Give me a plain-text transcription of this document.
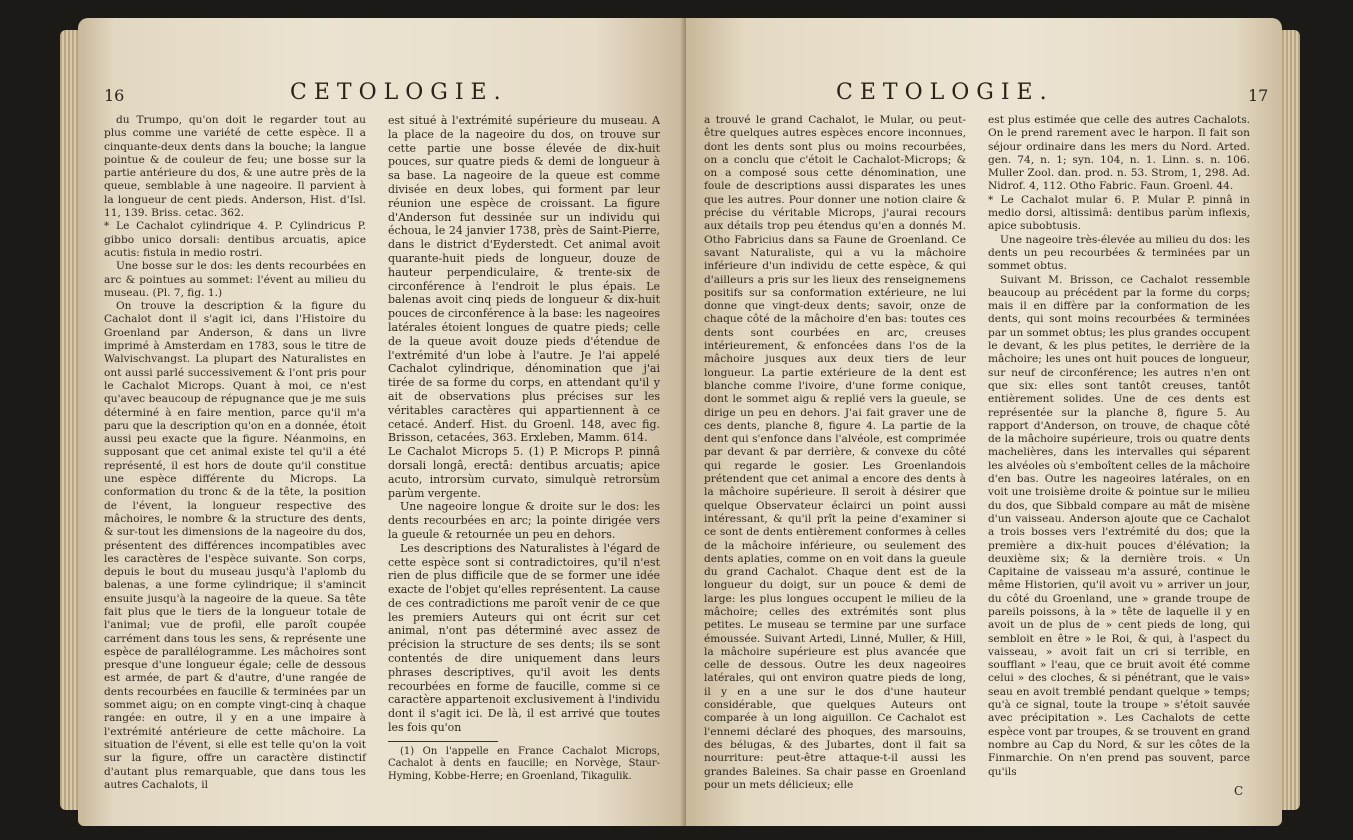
16	CETOLOGIE.

du Trumpo, qu'on doit le regarder tout au plus comme une variété de cette espèce. Il a cinquante-deux dents dans la bouche; la langue pointue & de couleur de feu; une bosse sur la partie antérieure du dos, & une autre près de la queue, semblable à une nageoire. Il parvient à la longueur de cent pieds. Anderson, Hist. d'Isl. 11, 139. Briss. cetac. 362.

* Le Cachalot cylindrique 4. P. Cylindricus P. gibbo unico dorsali: dentibus arcuatis, apice acutis: fistula in medio rostri.

Une bosse sur le dos: les dents recourbées en arc & pointues au sommet: l'évent au milieu du museau. (Pl. 7, fig. 1.)

On trouve la description & la figure du Cachalot dont il s'agit ici, dans l'Histoire du Groenland par Anderson, & dans un livre imprimé à Amsterdam en 1783, sous le titre de Walvischvangst. La plupart des Naturalistes en ont aussi parlé successivement & l'ont pris pour le Cachalot Microps. Quant à moi, ce n'est qu'avec beaucoup de répugnance que je me suis déterminé à en faire mention, parce qu'il m'a paru que la description qu'on en a donnée, étoit aussi peu exacte que la figure. Néanmoins, en supposant que cet animal existe tel qu'il a été représenté, il est hors de doute qu'il constitue une espèce différente du Microps. La conformation du tronc & de la tête, la position de l'évent, la longueur respective des mâchoires, le nombre & la structure des dents, & sur-tout les dimensions de la nageoire du dos, présentent des différences incompatibles avec les caractères de l'espèce suivante. Son corps, depuis le bout du museau jusqu'à l'aplomb du balenas, a une forme cylindrique; il s'amincit ensuite jusqu'à la nageoire de la queue. Sa tête fait plus que le tiers de la longueur totale de l'animal; vue de profil, elle paroît coupée carrément dans tous les sens, & représente une espèce de parallélogramme. Les mâchoires sont presque d'une longueur égale; celle de dessous est armée, de part & d'autre, d'une rangée de dents recourbées en faucille & terminées par un sommet aigu; on en compte vingt-cinq à chaque rangée: en outre, il y en a une impaire à l'extrémité antérieure de cette mâchoire. La situation de l'évent, si elle est telle qu'on la voit sur la figure, offre un caractère distinctif d'autant plus remarquable, que dans tous les autres Cachalots, il

est situé à l'extrémité supérieure du museau. A la place de la nageoire du dos, on trouve sur cette partie une bosse élevée de dix-huit pouces, sur quatre pieds & demi de longueur à sa base. La nageoire de la queue est comme divisée en deux lobes, qui forment par leur réunion une espèce de croissant. La figure d'Anderson fut dessinée sur un individu qui échoua, le 24 janvier 1738, près de Saint-Pierre, dans le district d'Eyderstedt. Cet animal avoit quarante-huit pieds de longueur, douze de hauteur perpendiculaire, & trente-six de circonférence à l'endroit le plus épais. Le balenas avoit cinq pieds de longueur & dix-huit pouces de circonférence à la base: les nageoires latérales étoient longues de quatre pieds; celle de la queue avoit douze pieds d'étendue de l'extrémité d'un lobe à l'autre. Je l'ai appelé Cachalot cylindrique, dénomination que j'ai tirée de sa forme du corps, en attendant qu'il y ait de observations plus précises sur les véritables caractères qui appartiennent à ce cetacé. Anderf. Hist. du Groenl. 148, avec fig. Brisson, cetacées, 363. Erxleben, Mamm. 614.

Le Cachalot Microps 5. (1) P. Microps P. pinnâ dorsali longâ, erectâ: dentibus arcuatis; apice acuto, introrsùm curvato, simulquè retrorsùm parùm vergente.

Une nageoire longue & droite sur le dos: les dents recourbées en arc; la pointe dirigée vers la gueule & retournée un peu en dehors.

Les descriptions des Naturalistes à l'égard de cette espèce sont si contradictoires, qu'il n'est rien de plus difficile que de se former une idée exacte de l'objet qu'elles représentent. La cause de ces contradictions me paroît venir de ce que les premiers Auteurs qui ont écrit sur cet animal, n'ont pas déterminé avec assez de précision la structure de ses dents; ils se sont contentés de dire uniquement dans leurs phrases descriptives, qu'il avoit les dents recourbées en forme de faucille, comme si ce caractère appartenoit exclusivement à l'individu dont il s'agit ici. De là, il est arrivé que toutes les fois qu'on

(1) On l'appelle en France Cachalot Microps, Cachalot à dents en faucille; en Norvège, Staur-Hyming, Kobbe-Herre; en Groenland, Tikagulik.

CETOLOGIE.	17

a trouvé le grand Cachalot, le Mular, ou peut-être quelques autres espèces encore inconnues, dont les dents sont plus ou moins recourbées, on a conclu que c'étoit le Cachalot-Microps; & on a composé sous cette dénomination, une foule de descriptions aussi disparates les unes que les autres. Pour donner une notion claire & précise du véritable Microps, j'aurai recours aux détails trop peu étendus qu'en a donnés M. Otho Fabricius dans sa Faune de Groenland. Ce savant Naturaliste, qui a vu la mâchoire inférieure d'un individu de cette espèce, & qui d'ailleurs a pris sur les lieux des renseignemens positifs sur sa conformation extérieure, ne lui donne que vingt-deux dents; savoir, onze de chaque côté de la mâchoire d'en bas: toutes ces dents sont courbées en arc, creuses intérieurement, & enfoncées dans l'os de la mâchoire jusques aux deux tiers de leur longueur. La partie extérieure de la dent est blanche comme l'ivoire, d'une forme conique, dont le sommet aigu & replié vers la gueule, se dirige un peu en dehors. J'ai fait graver une de ces dents, planche 8, figure 4. La partie de la dent qui s'enfonce dans l'alvéole, est comprimée par devant & par derrière, & convexe du côté qui regarde le gosier. Les Groenlandois prétendent que cet animal a encore des dents à la mâchoire supérieure. Il seroit à désirer que quelque Observateur éclairci un point aussi intéressant, & qu'il prît la peine d'examiner si ce sont de dents entièrement conformes à celles de la mâchoire inférieure, ou seulement des dents aplaties, comme on en voit dans la gueule du grand Cachalot. Chaque dent est de la longueur du doigt, sur un pouce & demi de large: les plus longues occupent le milieu de la mâchoire; celles des extrémités sont plus petites. Le museau se termine par une surface émoussée. Suivant Artedi, Linné, Muller, & Hill, la mâchoire supérieure est plus avancée que celle de dessous. Outre les deux nageoires latérales, qui ont environ quatre pieds de long, il y en a une sur le dos d'une hauteur considérable, que quelques Auteurs ont comparée à un long aiguillon. Ce Cachalot est l'ennemi déclaré des phoques, des marsouins, des bélugas, & des Jubartes, dont il fait sa nourriture: peut-être attaque-t-il aussi les grandes Baleines. Sa chair passe en Groenland pour un mets délicieux; elle

est plus estimée que celle des autres Cachalots. On le prend rarement avec le harpon. Il fait son séjour ordinaire dans les mers du Nord. Arted. gen. 74, n. 1; syn. 104, n. 1. Linn. s. n. 106. Muller Zool. dan. prod. n. 53. Strom, 1, 298. Ad. Nidrof. 4, 112. Otho Fabric. Faun. Groenl. 44.

* Le Cachalot mular 6. P. Mular P. pinnâ in medio dorsi, altissimâ: dentibus parùm inflexis, apice subobtusis.

Une nageoire très-élevée au milieu du dos: les dents un peu recourbées & terminées par un sommet obtus.

Suivant M. Brisson, ce Cachalot ressemble beaucoup au précédent par la forme du corps; mais il en diffère par la conformation de les dents, qui sont moins recourbées & terminées par un sommet obtus; les plus grandes occupent le devant, & les plus petites, le derrière de la mâchoire; les unes ont huit pouces de longueur, sur neuf de circonférence; les autres n'en ont que six: elles sont tantôt creuses, tantôt entièrement solides. Une de ces dents est représentée sur la planche 8, figure 5. Au rapport d'Anderson, on trouve, de chaque côté de la mâchoire supérieure, trois ou quatre dents machelières, dans les intervalles qui séparent les alvéoles où s'emboîtent celles de la mâchoire d'en bas. Outre les nageoires latérales, on en voit une troisième droite & pointue sur le milieu du dos, que Sibbald compare au mât de misène d'un vaisseau. Anderson ajoute que ce Cachalot a trois bosses vers l'extrémité du dos; que la première a dix-huit pouces d'élévation; la deuxième six; & la dernière trois. « Un Capitaine de vaisseau m'a assuré, continue le même Historien, qu'il avoit vu » arriver un jour, du côté du Groenland, une » grande troupe de pareils poissons, à la » tête de laquelle il y en avoit un de plus de » cent pieds de long, qui sembloit en être » le Roi, & qui, à l'aspect du vaisseau, » avoit fait un cri si terrible, en soufflant » l'eau, que ce bruit avoit été comme celui » des cloches, & si pénétrant, que le vais» seau en avoit tremblé pendant quelque » temps; qu'à ce signal, toute la troupe » s'étoit sauvée avec précipitation ». Les Cachalots de cette espèce vont par troupes, & se trouvent en grand nombre au Cap du Nord, & sur les côtes de la Finmarchie. On n'en prend pas souvent, parce qu'ils

C
